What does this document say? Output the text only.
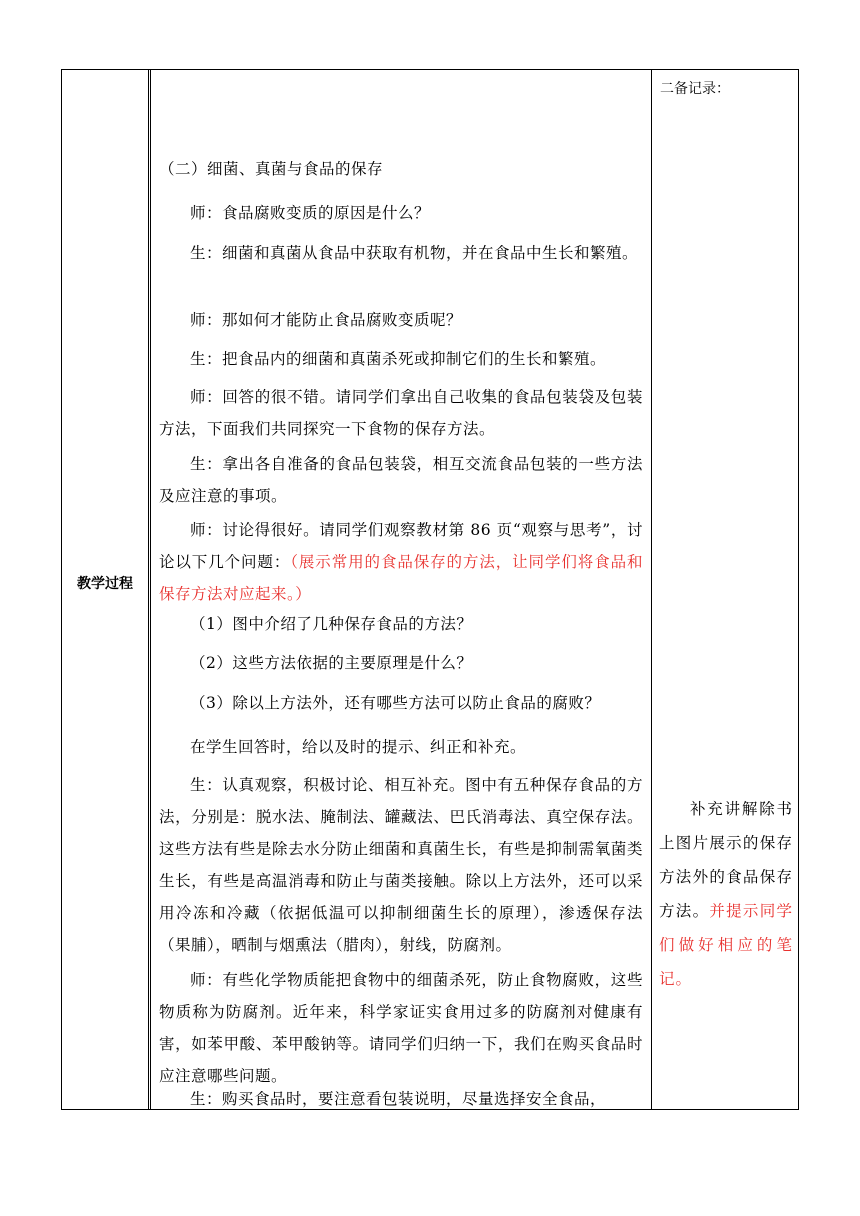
教学过程
二备记录：
（二）细菌、真菌与食品的保存
师：食品腐败变质的原因是什么？
生：细菌和真菌从食品中获取有机物，并在食品中生长和繁殖。
师：那如何才能防止食品腐败变质呢？
生：把食品内的细菌和真菌杀死或抑制它们的生长和繁殖。
师：回答的很不错。请同学们拿出自己收集的食品包装袋及包装方法，下面我们共同探究一下食物的保存方法。
生：拿出各自准备的食品包装袋，相互交流食品包装的一些方法及应注意的事项。
师：讨论得很好。请同学们观察教材第 86 页“观察与思考”，讨论以下几个问题：（展示常用的食品保存的方法，让同学们将食品和保存方法对应起来。）
（1）图中介绍了几种保存食品的方法？
（2）这些方法依据的主要原理是什么？
（3）除以上方法外，还有哪些方法可以防止食品的腐败？
在学生回答时，给以及时的提示、纠正和补充。
生：认真观察，积极讨论、相互补充。图中有五种保存食品的方法，分别是：脱水法、腌制法、罐藏法、巴氏消毒法、真空保存法。这些方法有些是除去水分防止细菌和真菌生长，有些是抑制需氧菌类生长，有些是高温消毒和防止与菌类接触。除以上方法外，还可以采用冷冻和冷藏（依据低温可以抑制细菌生长的原理），渗透保存法（果脯），晒制与烟熏法（腊肉），射线，防腐剂。
师：有些化学物质能把食物中的细菌杀死，防止食物腐败，这些物质称为防腐剂。近年来，科学家证实食用过多的防腐剂对健康有害，如苯甲酸、苯甲酸钠等。请同学们归纳一下，我们在购买食品时应注意哪些问题。
生：购买食品时，要注意看包装说明，尽量选择安全食品，
补充讲解除书上图片展示的保存方法外的食品保存方法。并提示同学们做好相应的笔记。
